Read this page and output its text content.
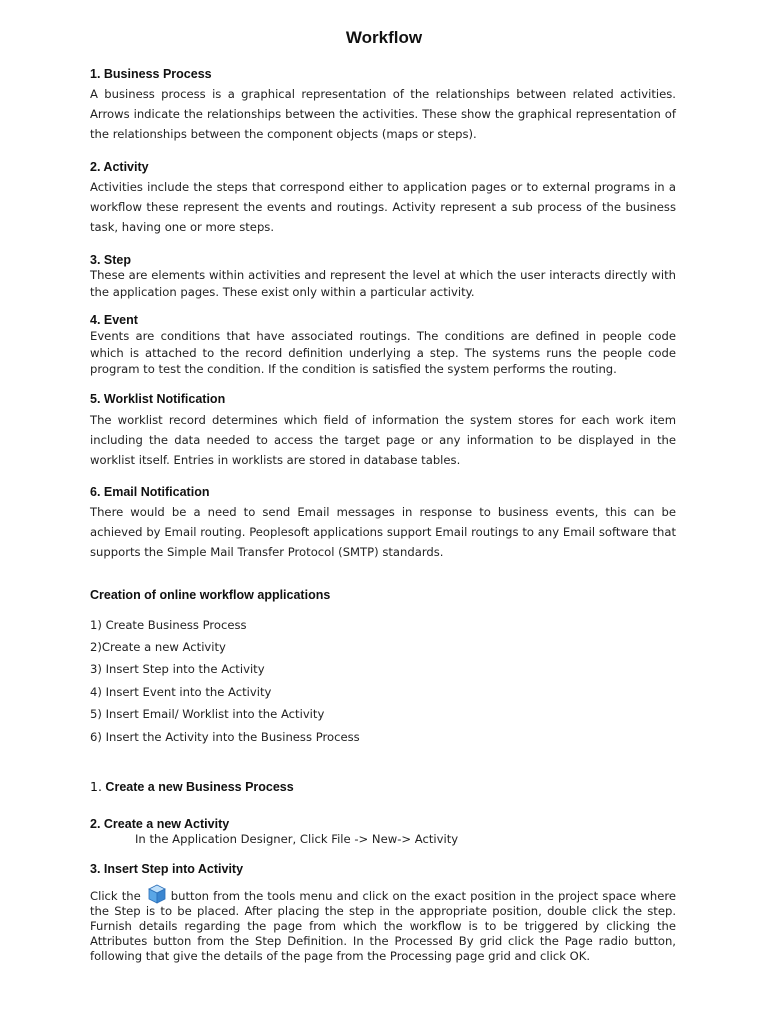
Workflow
1. Business Process
A business process is a graphical representation of the relationships between related activities. Arrows indicate the relationships between the activities. These show the graphical representation of the relationships between the component objects (maps or steps).
2. Activity
Activities include the steps that correspond either to application pages or to external programs in a workflow these represent the events and routings. Activity represent a sub process of the business task, having one or more steps.
3. Step
These are elements within activities and represent the level at which the user interacts directly with the application pages. These exist only within a particular activity.
4. Event
Events are conditions that have associated routings. The conditions are defined in people code which is attached to the record definition underlying a step. The systems runs the people code program to test the condition. If the condition is satisfied the system performs the routing.
5. Worklist Notification
The worklist record determines which field of information the system stores for each work item including the data needed to access the target page or any information to be displayed in the worklist itself. Entries in worklists are stored in database tables.
6. Email Notification
There would be a need to send Email messages in response to business events, this can be achieved by Email routing. Peoplesoft applications support Email routings to any Email software that supports the Simple Mail Transfer Protocol (SMTP) standards.
Creation of online workflow applications
1) Create Business Process
2)Create a new Activity
3) Insert Step into the Activity
4) Insert Event into the Activity
5) Insert Email/ Worklist into the Activity
6) Insert the Activity into the Business Process
1. Create a new Business Process
2. Create a new Activity
In the Application Designer, Click File -> New-> Activity
3. Insert Step into Activity
Click the	button from the tools menu and click on the exact position in the project space where the Step is to be placed. After placing the step in the appropriate position, double click the step. Furnish details regarding the page from which the workflow is to be triggered by clicking the Attributes button from the Step Definition. In the Processed By grid click the Page radio button, following that give the details of the page from the Processing page grid and click OK.
